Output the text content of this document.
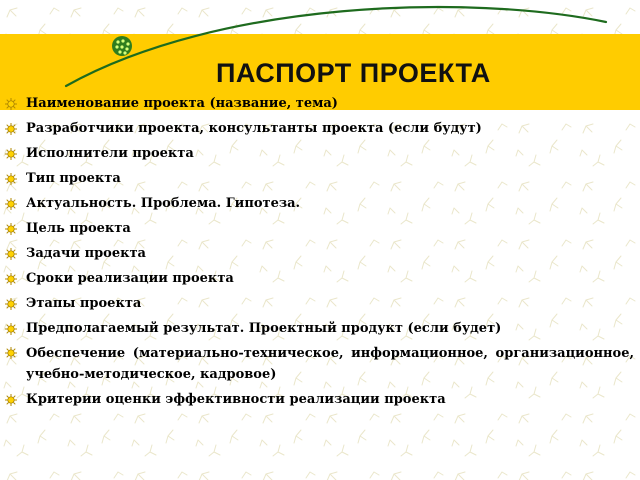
ПАСПОРТ ПРОЕКТА
Наименование проекта (название, тема)
Разработчики проекта, консультанты проекта (если будут)
Исполнители проекта
Тип проекта
Актуальность. Проблема. Гипотеза.
Цель проекта
Задачи проекта
Сроки реализации проекта
Этапы проекта
Предполагаемый результат. Проектный продукт (если будет)
Обеспечение (материально-техническое, информационное, организационное, учебно-методическое, кадровое)
Критерии оценки эффективности реализации проекта
